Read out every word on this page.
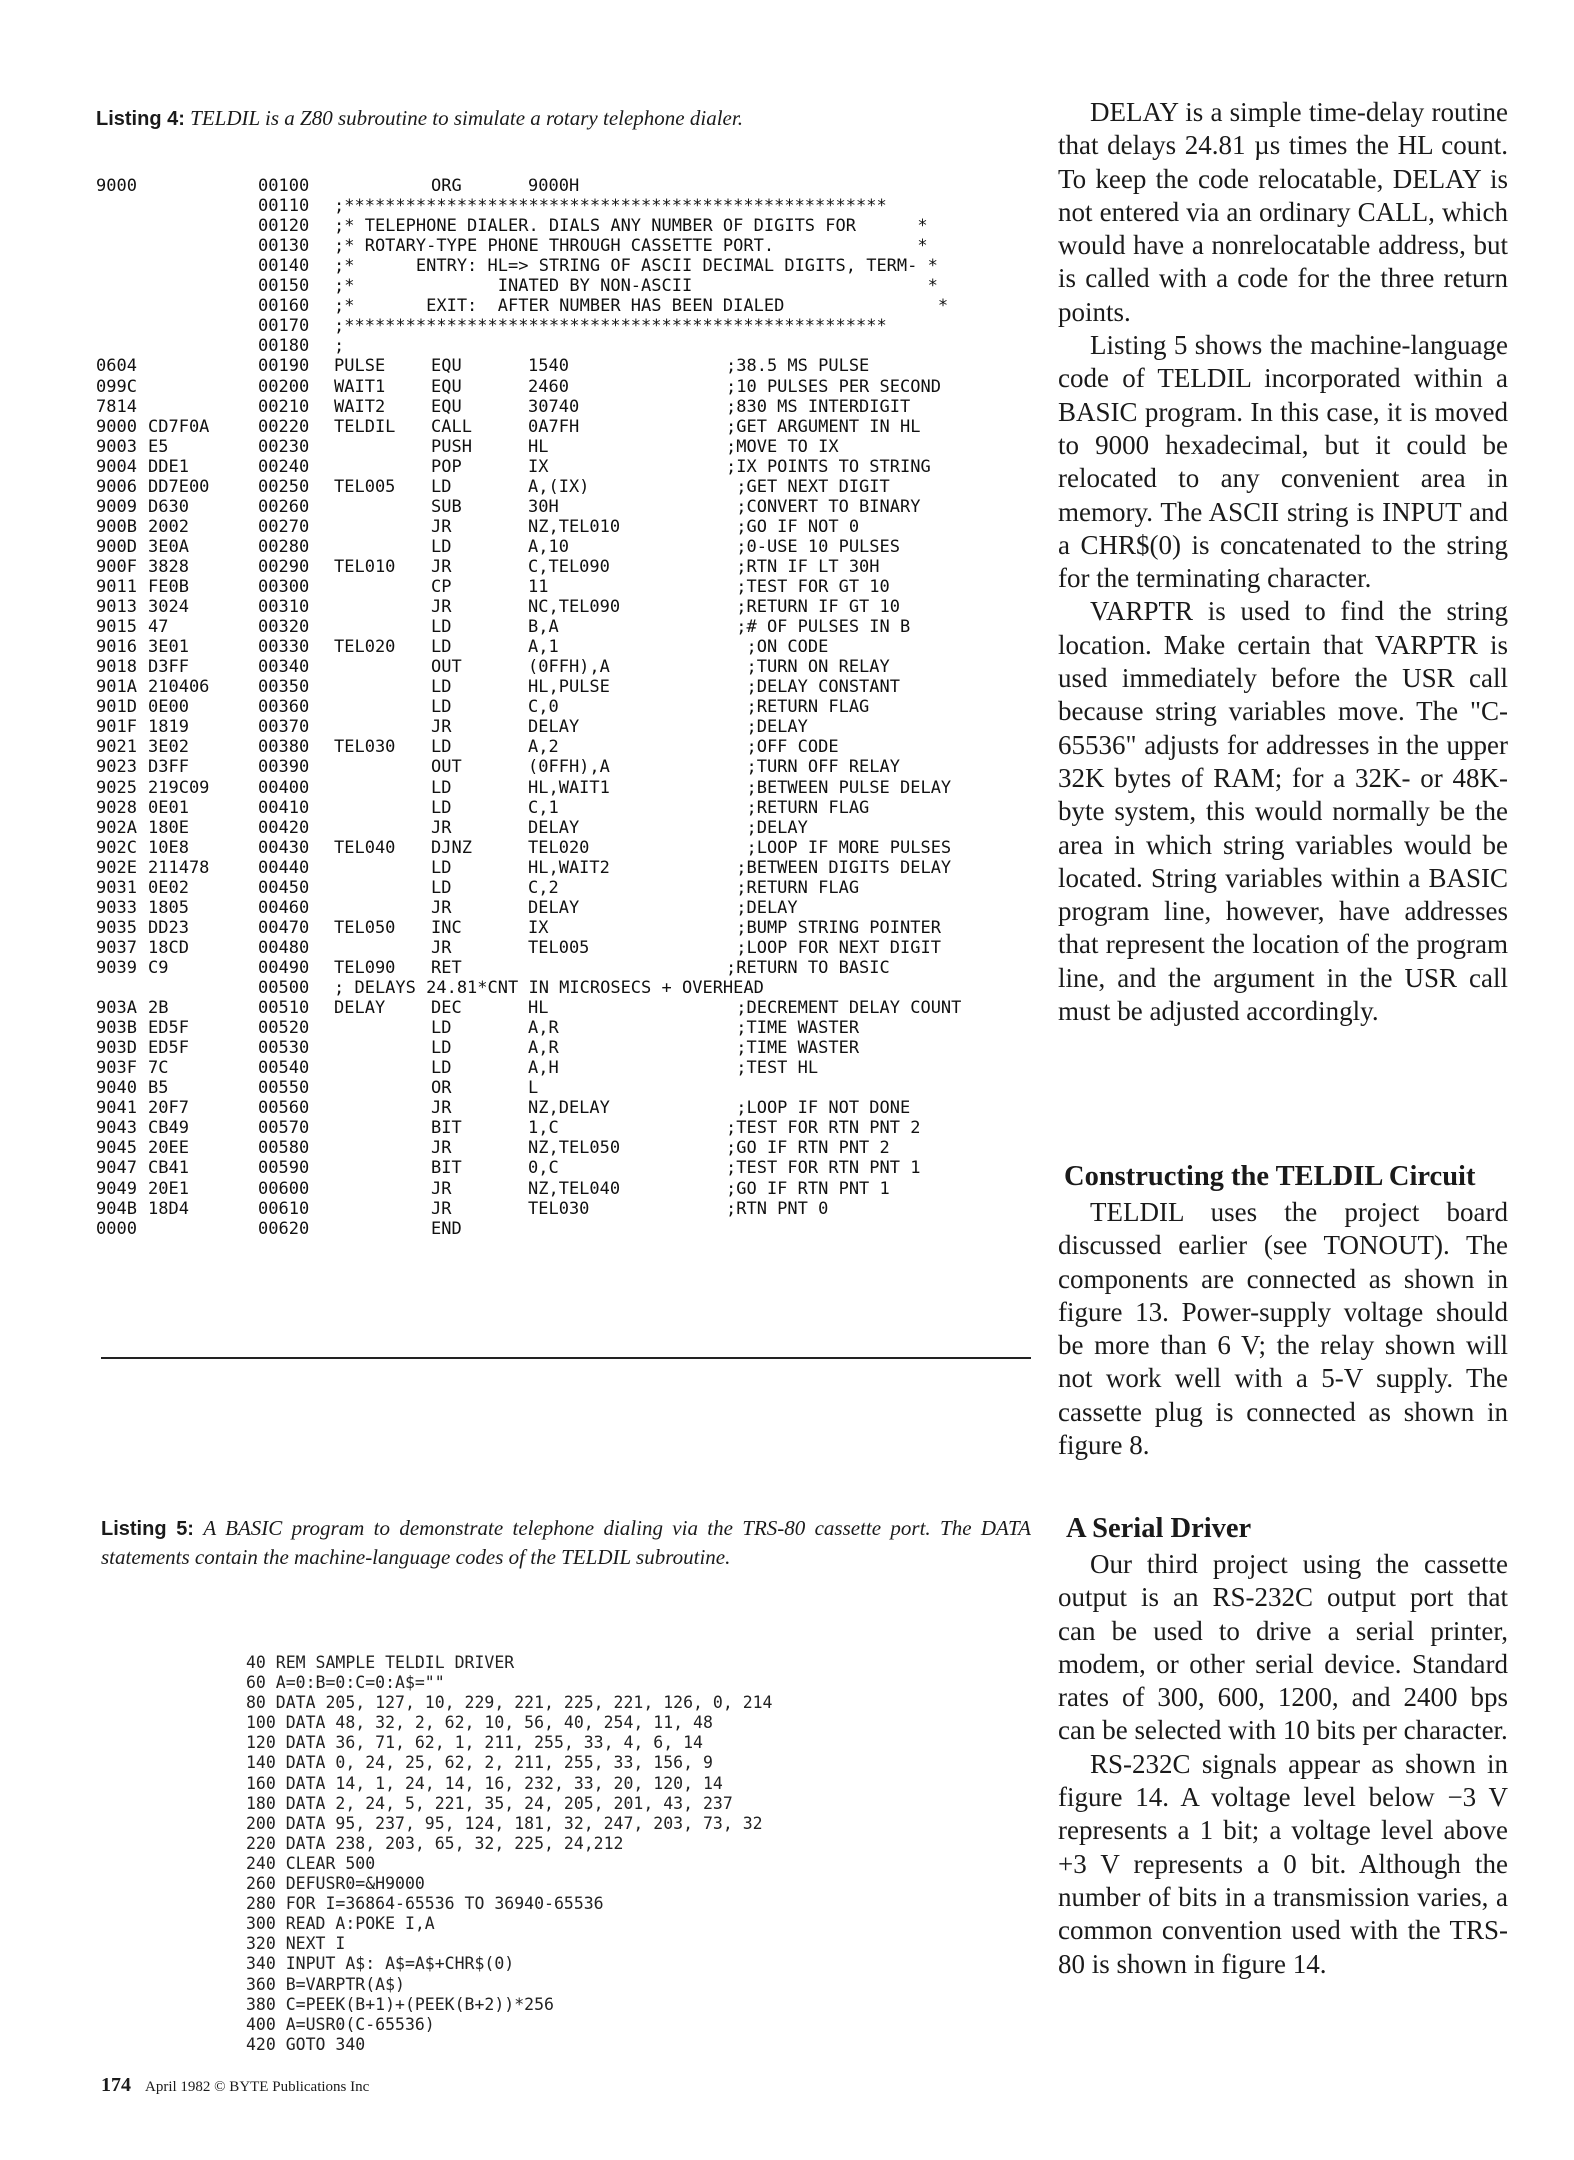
Listing 4: TELDIL is a Z80 subroutine to simulate a rotary telephone dialer.
9000	00100	ORG	9000H
00110 ;*****************************************************
00120 ;* TELEPHONE DIALER. DIALS ANY NUMBER OF DIGITS FOR      *
00130 ;* ROTARY-TYPE PHONE THROUGH CASSETTE PORT.              *
00140 ;*      ENTRY: HL=> STRING OF ASCII DECIMAL DIGITS, TERM- *
00150 ;*              INATED BY NON-ASCII                       *
00160 ;*       EXIT:  AFTER NUMBER HAS BEEN DIALED               *
00170 ;*****************************************************
00180 ;
0604	00190 PULSE	EQU	1540	;38.5 MS PULSE
099C	00200 WAIT1	EQU	2460	;10 PULSES PER SECOND
7814	00210 WAIT2	EQU	30740	;830 MS INTERDIGIT
9000 CD7F0A	00220 TELDIL CALL	0A7FH	;GET ARGUMENT IN HL
9003 E5	00230	PUSH	HL	;MOVE TO IX
9004 DDE1	00240	POP	IX	;IX POINTS TO STRING
9006 DD7E00	00250 TEL005 LD	A,(IX)	;GET NEXT DIGIT
9009 D630	00260	SUB	30H	;CONVERT TO BINARY
900B 2002	00270	JR	NZ,TEL010	;GO IF NOT 0
900D 3E0A	00280	LD	A,10	;0-USE 10 PULSES
900F 3828	00290 TEL010 JR	C,TEL090	;RTN IF LT 30H
9011 FE0B	00300	CP	11	;TEST FOR GT 10
9013 3024	00310	JR	NC,TEL090	;RETURN IF GT 10
9015 47	00320	LD	B,A	;# OF PULSES IN B
9016 3E01	00330 TEL020 LD	A,1	;ON CODE
9018 D3FF	00340	OUT	(0FFH),A	;TURN ON RELAY
901A 210406	00350	LD	HL,PULSE	;DELAY CONSTANT
901D 0E00	00360	LD	C,0	;RETURN FLAG
901F 1819	00370	JR	DELAY	;DELAY
9021 3E02	00380 TEL030 LD	A,2	;OFF CODE
9023 D3FF	00390	OUT	(0FFH),A	;TURN OFF RELAY
9025 219C09	00400	LD	HL,WAIT1	;BETWEEN PULSE DELAY
9028 0E01	00410	LD	C,1	;RETURN FLAG
902A 180E	00420	JR	DELAY	;DELAY
902C 10E8	00430 TEL040 DJNZ	TEL020	;LOOP IF MORE PULSES
902E 211478	00440	LD	HL,WAIT2	;BETWEEN DIGITS DELAY
9031 0E02	00450	LD	C,2	;RETURN FLAG
9033 1805	00460	JR	DELAY	;DELAY
9035 DD23	00470 TEL050 INC	IX	;BUMP STRING POINTER
9037 18CD	00480	JR	TEL005	;LOOP FOR NEXT DIGIT
9039 C9	00490 TEL090 RET	;RETURN TO BASIC
00500 ; DELAYS 24.81*CNT IN MICROSECS + OVERHEAD
903A 2B	00510 DELAY	DEC	HL	;DECREMENT DELAY COUNT
903B ED5F	00520	LD	A,R	;TIME WASTER
903D ED5F	00530	LD	A,R	;TIME WASTER
903F 7C	00540	LD	A,H	;TEST HL
9040 B5	00550	OR	L
9041 20F7	00560	JR	NZ,DELAY	;LOOP IF NOT DONE
9043 CB49	00570	BIT	1,C	;TEST FOR RTN PNT 2
9045 20EE	00580	JR	NZ,TEL050	;GO IF RTN PNT 2
9047 CB41	00590	BIT	0,C	;TEST FOR RTN PNT 1
9049 20E1	00600	JR	NZ,TEL040	;GO IF RTN PNT 1
904B 18D4	00610	JR	TEL030	;RTN PNT 0
0000	00620	END
Listing 5: A BASIC program to demonstrate telephone dialing via the TRS-80 cassette port. The DATA statements contain the machine-language codes of the TELDIL subroutine.
40 REM SAMPLE TELDIL DRIVER
60 A=0:B=0:C=0:A$=""
80 DATA 205, 127, 10, 229, 221, 225, 221, 126, 0, 214
100 DATA 48, 32, 2, 62, 10, 56, 40, 254, 11, 48
120 DATA 36, 71, 62, 1, 211, 255, 33, 4, 6, 14
140 DATA 0, 24, 25, 62, 2, 211, 255, 33, 156, 9
160 DATA 14, 1, 24, 14, 16, 232, 33, 20, 120, 14
180 DATA 2, 24, 5, 221, 35, 24, 205, 201, 43, 237
200 DATA 95, 237, 95, 124, 181, 32, 247, 203, 73, 32
220 DATA 238, 203, 65, 32, 225, 24,212
240 CLEAR 500
260 DEFUSR0=&H9000
280 FOR I=36864-65536 TO 36940-65536
300 READ A:POKE I,A
320 NEXT I
340 INPUT A$: A$=A$+CHR$(0)
360 B=VARPTR(A$)
380 C=PEEK(B+1)+(PEEK(B+2))*256
400 A=USR0(C-65536)
420 GOTO 340

DELAY is a simple time-delay routine that delays 24.81 µs times the HL count. To keep the code relocatable, DELAY is not entered via an ordinary CALL, which would have a nonrelocatable address, but is called with a code for the three return points.

Listing 5 shows the machine-language code of TELDIL incorporated within a BASIC program. In this case, it is moved to 9000 hexadecimal, but it could be relocated to any convenient area in memory. The ASCII string is INPUT and a CHR$(0) is concatenated to the string for the terminating character.

VARPTR is used to find the string location. Make certain that VARPTR is used immediately before the USR call because string variables move. The "C-65536" adjusts for addresses in the upper 32K bytes of RAM; for a 32K- or 48K-byte system, this would normally be the area in which string variables would be located. String variables within a BASIC program line, however, have addresses that represent the location of the program line, and the argument in the USR call must be adjusted accordingly.

Constructing the TELDIL Circuit

TELDIL uses the project board discussed earlier (see TONOUT). The components are connected as shown in figure 13. Power-supply voltage should be more than 6 V; the relay shown will not work well with a 5-V supply. The cassette plug is connected as shown in figure 8.

A Serial Driver

Our third project using the cassette output is an RS-232C output port that can be used to drive a serial printer, modem, or other serial device. Standard rates of 300, 600, 1200, and 2400 bps can be selected with 10 bits per character.

RS-232C signals appear as shown in figure 14. A voltage level below −3 V represents a 1 bit; a voltage level above +3 V represents a 0 bit. Although the number of bits in a transmission varies, a common convention used with the TRS-80 is shown in figure 14.

174 April 1982 © BYTE Publications Inc
